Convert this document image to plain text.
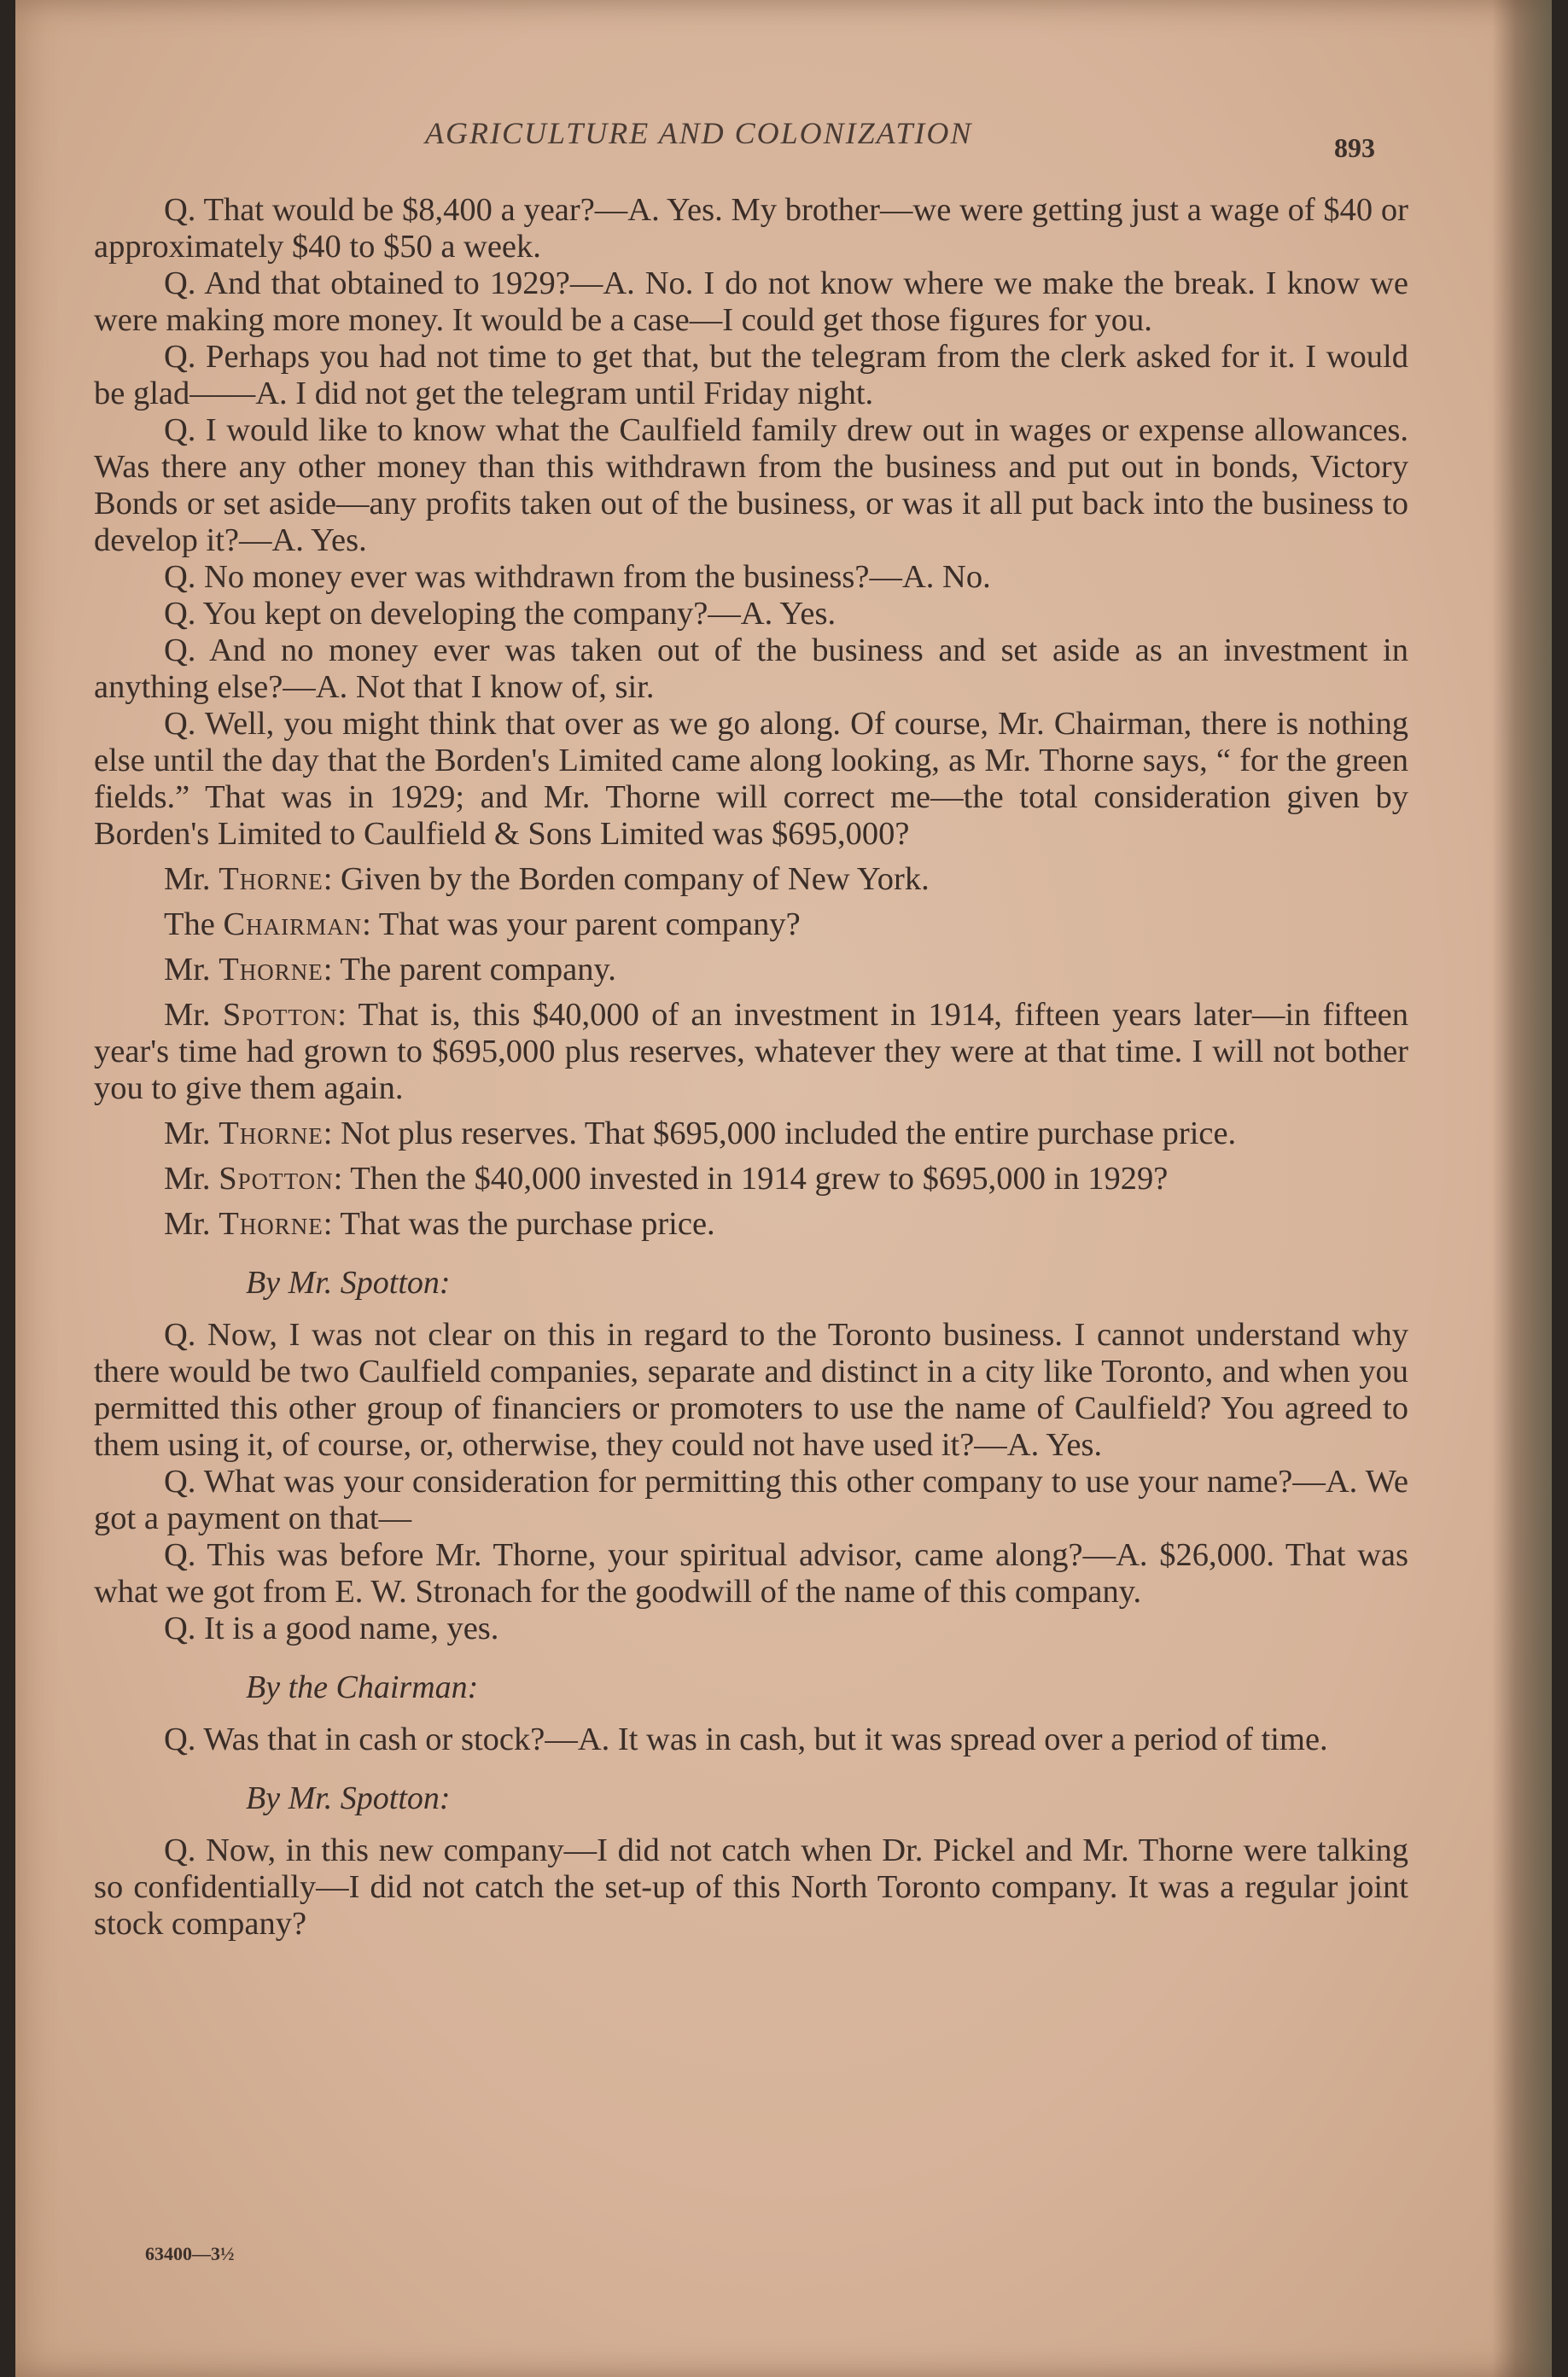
AGRICULTURE AND COLONIZATION	893

Q. That would be $8,400 a year?—A. Yes. My brother—we were getting just a wage of $40 or approximately $40 to $50 a week.

Q. And that obtained to 1929?—A. No. I do not know where we make the break. I know we were making more money. It would be a case—I could get those figures for you.

Q. Perhaps you had not time to get that, but the telegram from the clerk asked for it. I would be glad——A. I did not get the telegram until Friday night.

Q. I would like to know what the Caulfield family drew out in wages or expense allowances. Was there any other money than this withdrawn from the business and put out in bonds, Victory Bonds or set aside—any profits taken out of the business, or was it all put back into the business to develop it?—A. Yes.

Q. No money ever was withdrawn from the business?—A. No.

Q. You kept on developing the company?—A. Yes.

Q. And no money ever was taken out of the business and set aside as an investment in anything else?—A. Not that I know of, sir.

Q. Well, you might think that over as we go along. Of course, Mr. Chairman, there is nothing else until the day that the Borden's Limited came along looking, as Mr. Thorne says, “ for the green fields.” That was in 1929; and Mr. Thorne will correct me—the total consideration given by Borden's Limited to Caulfield & Sons Limited was $695,000?

Mr. Thorne: Given by the Borden company of New York.

The Chairman: That was your parent company?

Mr. Thorne: The parent company.

Mr. Spotton: That is, this $40,000 of an investment in 1914, fifteen years later—in fifteen year's time had grown to $695,000 plus reserves, whatever they were at that time. I will not bother you to give them again.

Mr. Thorne: Not plus reserves. That $695,000 included the entire purchase price.

Mr. Spotton: Then the $40,000 invested in 1914 grew to $695,000 in 1929?

Mr. Thorne: That was the purchase price.

By Mr. Spotton:

Q. Now, I was not clear on this in regard to the Toronto business. I cannot understand why there would be two Caulfield companies, separate and distinct in a city like Toronto, and when you permitted this other group of financiers or promoters to use the name of Caulfield? You agreed to them using it, of course, or, otherwise, they could not have used it?—A. Yes.

Q. What was your consideration for permitting this other company to use your name?—A. We got a payment on that—

Q. This was before Mr. Thorne, your spiritual advisor, came along?—A. $26,000. That was what we got from E. W. Stronach for the goodwill of the name of this company.

Q. It is a good name, yes.

By the Chairman:

Q. Was that in cash or stock?—A. It was in cash, but it was spread over a period of time.

By Mr. Spotton:

Q. Now, in this new company—I did not catch when Dr. Pickel and Mr. Thorne were talking so confidentially—I did not catch the set-up of this North Toronto company. It was a regular joint stock company?

63400—3½
